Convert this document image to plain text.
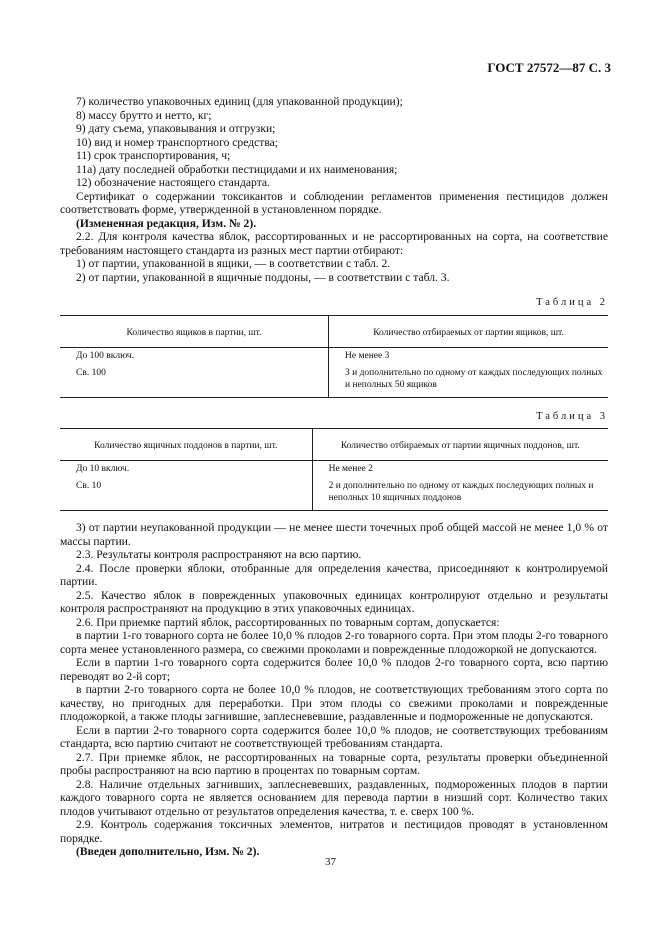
ГОСТ 27572—87 С. 3

7) количество упаковочных единиц (для упакованной продукции);

8) массу брутто и нетто, кг;

9) дату съема, упаковывания и отгрузки;

10) вид и номер транспортного средства;

11) срок транспортирования, ч;

11а) дату последней обработки пестицидами и их наименования;

12) обозначение настоящего стандарта.

Сертификат о содержании токсикантов и соблюдении регламентов применения пестицидов должен соответствовать форме, утвержденной в установленном порядке.

(Измененная редакция, Изм. № 2).

2.2. Для контроля качества яблок, рассортированных и не рассортированных на сорта, на соответствие требованиям настоящего стандарта из разных мест партии отбирают:

1) от партии, упакованной в ящики, — в соответствии с табл. 2.

2) от партии, упакованной в ящичные поддоны, — в соответствии с табл. 3.

Таблица 2
Количество ящиков в партии, шт.	Количество отбираемых от партии ящиков, шт.
До 100 включ.	Не менее 3
Св. 100	3 и дополнительно по одному от каждых последующих полных и неполных 50 ящиков
Таблица 3
Количество ящичных поддонов в партии, шт.	Количество отбираемых от партии ящичных поддонов, шт.
До 10 включ.	Не менее 2
Св. 10	2 и дополнительно по одному от каждых последующих полных и неполных 10 ящичных поддонов

3) от партии неупакованной продукции — не менее шести точечных проб общей массой не менее 1,0 % от массы партии.

2.3. Результаты контроля распространяют на всю партию.

2.4. После проверки яблоки, отобранные для определения качества, присоединяют к контролируемой партии.

2.5. Качество яблок в поврежденных упаковочных единицах контролируют отдельно и результаты контроля распространяют на продукцию в этих упаковочных единицах.

2.6. При приемке партий яблок, рассортированных по товарным сортам, допускается:

в партии 1-го товарного сорта не более 10,0 % плодов 2-го товарного сорта. При этом плоды 2-го товарного сорта менее установленного размера, со свежими проколами и поврежденные плодожоркой не допускаются.

Если в партии 1-го товарного сорта содержится более 10,0 % плодов 2-го товарного сорта, всю партию переводят во 2-й сорт;

в партии 2-го товарного сорта не более 10,0 % плодов, не соответствующих требованиям этого сорта по качеству, но пригодных для переработки. При этом плоды со свежими проколами и поврежденные плодожоркой, а также плоды загнившие, заплесневевшие, раздавленные и подмороженные не допускаются.

Если в партии 2-го товарного сорта содержится более 10,0 % плодов, не соответствующих требованиям стандарта, всю партию считают не соответствующей требованиям стандарта.

2.7. При приемке яблок, не рассортированных на товарные сорта, результаты проверки объединенной пробы распространяют на всю партию в процентах по товарным сортам.

2.8. Наличие отдельных загнивших, заплесневевших, раздавленных, подмороженных плодов в партии каждого товарного сорта не является основанием для перевода партии в низший сорт. Количество таких плодов учитывают отдельно от результатов определения качества, т. е. сверх 100 %.

2.9. Контроль содержания токсичных элементов, нитратов и пестицидов проводят в установленном порядке.

(Введен дополнительно, Изм. № 2).

37
